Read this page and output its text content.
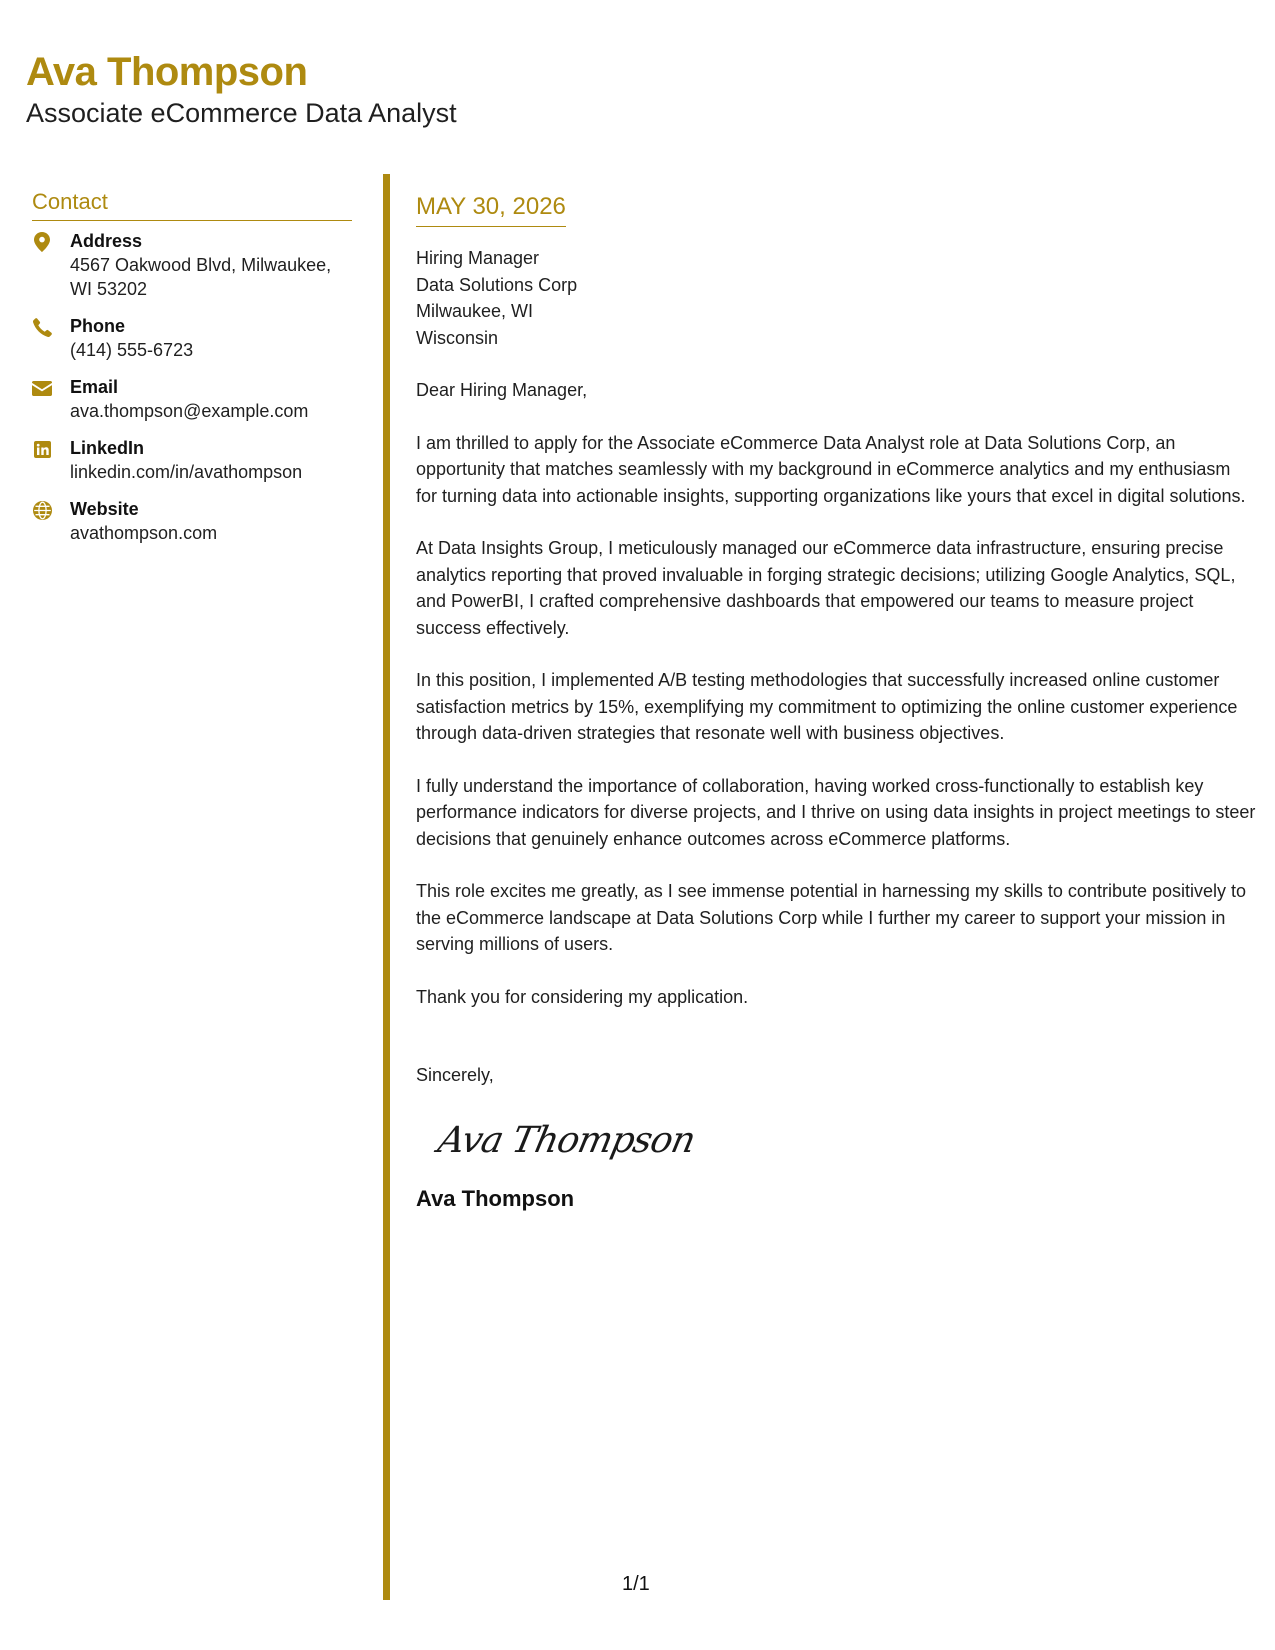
Ava Thompson

Associate eCommerce Data Analyst

Contact
Address
4567 Oakwood Blvd, Milwaukee, WI 53202
Phone
(414) 555-6723
Email
ava.thompson@example.com
LinkedIn
linkedin.com/in/avathompson
Website
avathompson.com
MAY 30, 2026
Hiring Manager
Data Solutions Corp
Milwaukee, WI
Wisconsin

Dear Hiring Manager,

I am thrilled to apply for the Associate eCommerce Data Analyst role at Data Solutions Corp, an opportunity that matches seamlessly with my background in eCommerce analytics and my enthusiasm for turning data into actionable insights, supporting organizations like yours that excel in digital solutions.

At Data Insights Group, I meticulously managed our eCommerce data infrastructure, ensuring precise analytics reporting that proved invaluable in forging strategic decisions; utilizing Google Analytics, SQL, and PowerBI, I crafted comprehensive dashboards that empowered our teams to measure project success effectively.

In this position, I implemented A/B testing methodologies that successfully increased online customer satisfaction metrics by 15%, exemplifying my commitment to optimizing the online customer experience through data-driven strategies that resonate well with business objectives.

I fully understand the importance of collaboration, having worked cross-functionally to establish key performance indicators for diverse projects, and I thrive on using data insights in project meetings to steer decisions that genuinely enhance outcomes across eCommerce platforms.

This role excites me greatly, as I see immense potential in harnessing my skills to contribute positively to the eCommerce landscape at Data Solutions Corp while I further my career to support your mission in serving millions of users.

Thank you for considering my application.

Sincerely,

Ava Thompson

Ava Thompson

1/1
